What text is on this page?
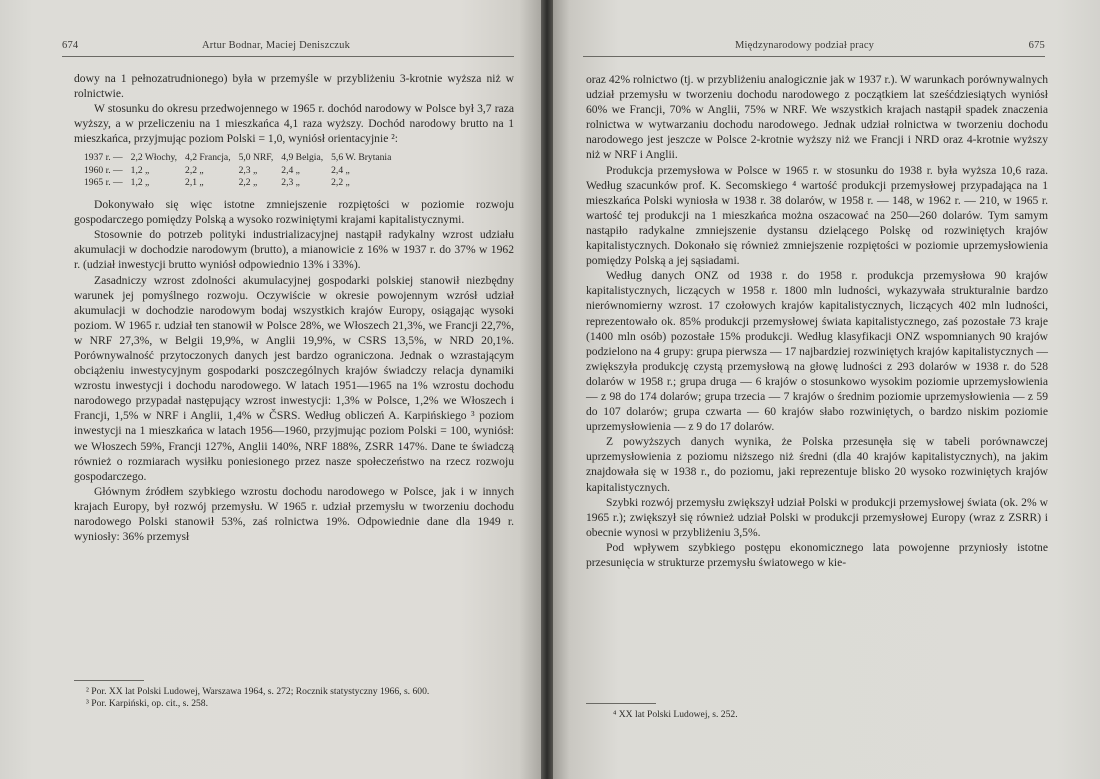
674	Artur Bodnar, Maciej Deniszczuk

dowy na 1 pełnozatrudnionego) była w przemyśle w przybliżeniu 3-krotnie wyższa niż w rolnictwie.

W stosunku do okresu przedwojennego w 1965 r. dochód narodowy w Polsce był 3,7 raza wyższy, a w przeliczeniu na 1 mieszkańca 4,1 raza wyższy. Dochód narodowy brutto na 1 mieszkańca, przyjmując poziom Polski = 1,0, wyniósł orientacyjnie ²:

1937 r. —	2,2 Włochy,	4,2 Francja,	5,0 NRF,	4,9 Belgia,	5,6 W. Brytania
1960 r. —	1,2 „	2,2 „	2,3 „	2,4 „	2,4 „
1965 r. —	1,2 „	2,1 „	2,2 „	2,3 „	2,2 „

Dokonywało się więc istotne zmniejszenie rozpiętości w poziomie rozwoju gospodarczego pomiędzy Polską a wysoko rozwiniętymi krajami kapitalistycznymi.

Stosownie do potrzeb polityki industrializacyjnej nastąpił radykalny wzrost udziału akumulacji w dochodzie narodowym (brutto), a mianowicie z 16% w 1937 r. do 37% w 1962 r. (udział inwestycji brutto wyniósł odpowiednio 13% i 33%).

Zasadniczy wzrost zdolności akumulacyjnej gospodarki polskiej stanowił niezbędny warunek jej pomyślnego rozwoju. Oczywiście w okresie powojennym wzrósł udział akumulacji w dochodzie narodowym bodaj wszystkich krajów Europy, osiągając wysoki poziom. W 1965 r. udział ten stanowił w Polsce 28%, we Włoszech 21,3%, we Francji 22,7%, w NRF 27,3%, w Belgii 19,9%, w Anglii 19,9%, w CSRS 13,5%, w NRD 20,1%. Porównywalność przytoczonych danych jest bardzo ograniczona. Jednak o wzrastającym obciążeniu inwestycyjnym gospodarki poszczególnych krajów świadczy relacja dynamiki wzrostu inwestycji i dochodu narodowego. W latach 1951—1965 na 1% wzrostu dochodu narodowego przypadał następujący wzrost inwestycji: 1,3% w Polsce, 1,2% we Włoszech i Francji, 1,5% w NRF i Anglii, 1,4% w ČSRS. Według obliczeń A. Karpińskiego ³ poziom inwestycji na 1 mieszkańca w latach 1956—1960, przyjmując poziom Polski = 100, wyniósł: we Włoszech 59%, Francji 127%, Anglii 140%, NRF 188%, ZSRR 147%. Dane te świadczą również o rozmiarach wysiłku poniesionego przez nasze społeczeństwo na rzecz rozwoju gospodarczego.

Głównym źródłem szybkiego wzrostu dochodu narodowego w Polsce, jak i w innych krajach Europy, był rozwój przemysłu. W 1965 r. udział przemysłu w tworzeniu dochodu narodowego Polski stanowił 53%, zaś rolnictwa 19%. Odpowiednie dane dla 1949 r. wyniosły: 36% przemysł

² Por. XX lat Polski Ludowej, Warszawa 1964, s. 272; Rocznik statystyczny 1966, s. 600.

³ Por. Karpiński, op. cit., s. 258.

Międzynarodowy podział pracy	675

oraz 42% rolnictwo (tj. w przybliżeniu analogicznie jak w 1937 r.). W warunkach porównywalnych udział przemysłu w tworzeniu dochodu narodowego z początkiem lat sześćdziesiątych wyniósł 60% we Francji, 70% w Anglii, 75% w NRF. We wszystkich krajach nastąpił spadek znaczenia rolnictwa w wytwarzaniu dochodu narodowego. Jednak udział rolnictwa w tworzeniu dochodu narodowego jest jeszcze w Polsce 2-krotnie wyższy niż we Francji i NRD oraz 4-krotnie wyższy niż w NRF i Anglii.

Produkcja przemysłowa w Polsce w 1965 r. w stosunku do 1938 r. była wyższa 10,6 raza. Według szacunków prof. K. Secomskiego ⁴ wartość produkcji przemysłowej przypadająca na 1 mieszkańca Polski wyniosła w 1938 r. 38 dolarów, w 1958 r. — 148, w 1962 r. — 210, w 1965 r. wartość tej produkcji na 1 mieszkańca można oszacować na 250—260 dolarów. Tym samym nastąpiło radykalne zmniejszenie dystansu dzielącego Polskę od rozwiniętych krajów kapitalistycznych. Dokonało się również zmniejszenie rozpiętości w poziomie uprzemysłowienia pomiędzy Polską a jej sąsiadami.

Według danych ONZ od 1938 r. do 1958 r. produkcja przemysłowa 90 krajów kapitalistycznych, liczących w 1958 r. 1800 mln ludności, wykazywała strukturalnie bardzo nierównomierny wzrost. 17 czołowych krajów kapitalistycznych, liczących 402 mln ludności, reprezentowało ok. 85% produkcji przemysłowej świata kapitalistycznego, zaś pozostałe 73 kraje (1400 mln osób) pozostałe 15% produkcji. Według klasyfikacji ONZ wspomnianych 90 krajów podzielono na 4 grupy: grupa pierwsza — 17 najbardziej rozwiniętych krajów kapitalistycznych — zwiększyła produkcję czystą przemysłową na głowę ludności z 293 dolarów w 1938 r. do 528 dolarów w 1958 r.; grupa druga — 6 krajów o stosunkowo wysokim poziomie uprzemysłowienia — z 98 do 174 dolarów; grupa trzecia — 7 krajów o średnim poziomie uprzemysłowienia — z 59 do 107 dolarów; grupa czwarta — 60 krajów słabo rozwiniętych, o bardzo niskim poziomie uprzemysłowienia — z 9 do 17 dolarów.

Z powyższych danych wynika, że Polska przesunęła się w tabeli porównawczej uprzemysłowienia z poziomu niższego niż średni (dla 40 krajów kapitalistycznych), na jakim znajdowała się w 1938 r., do poziomu, jaki reprezentuje blisko 20 wysoko rozwiniętych krajów kapitalistycznych.

Szybki rozwój przemysłu zwiększył udział Polski w produkcji przemysłowej świata (ok. 2% w 1965 r.); zwiększył się również udział Polski w produkcji przemysłowej Europy (wraz z ZSRR) i obecnie wynosi w przybliżeniu 3,5%.

Pod wpływem szybkiego postępu ekonomicznego lata powojenne przyniosły istotne przesunięcia w strukturze przemysłu światowego w kie-

⁴ XX lat Polski Ludowej, s. 252.
